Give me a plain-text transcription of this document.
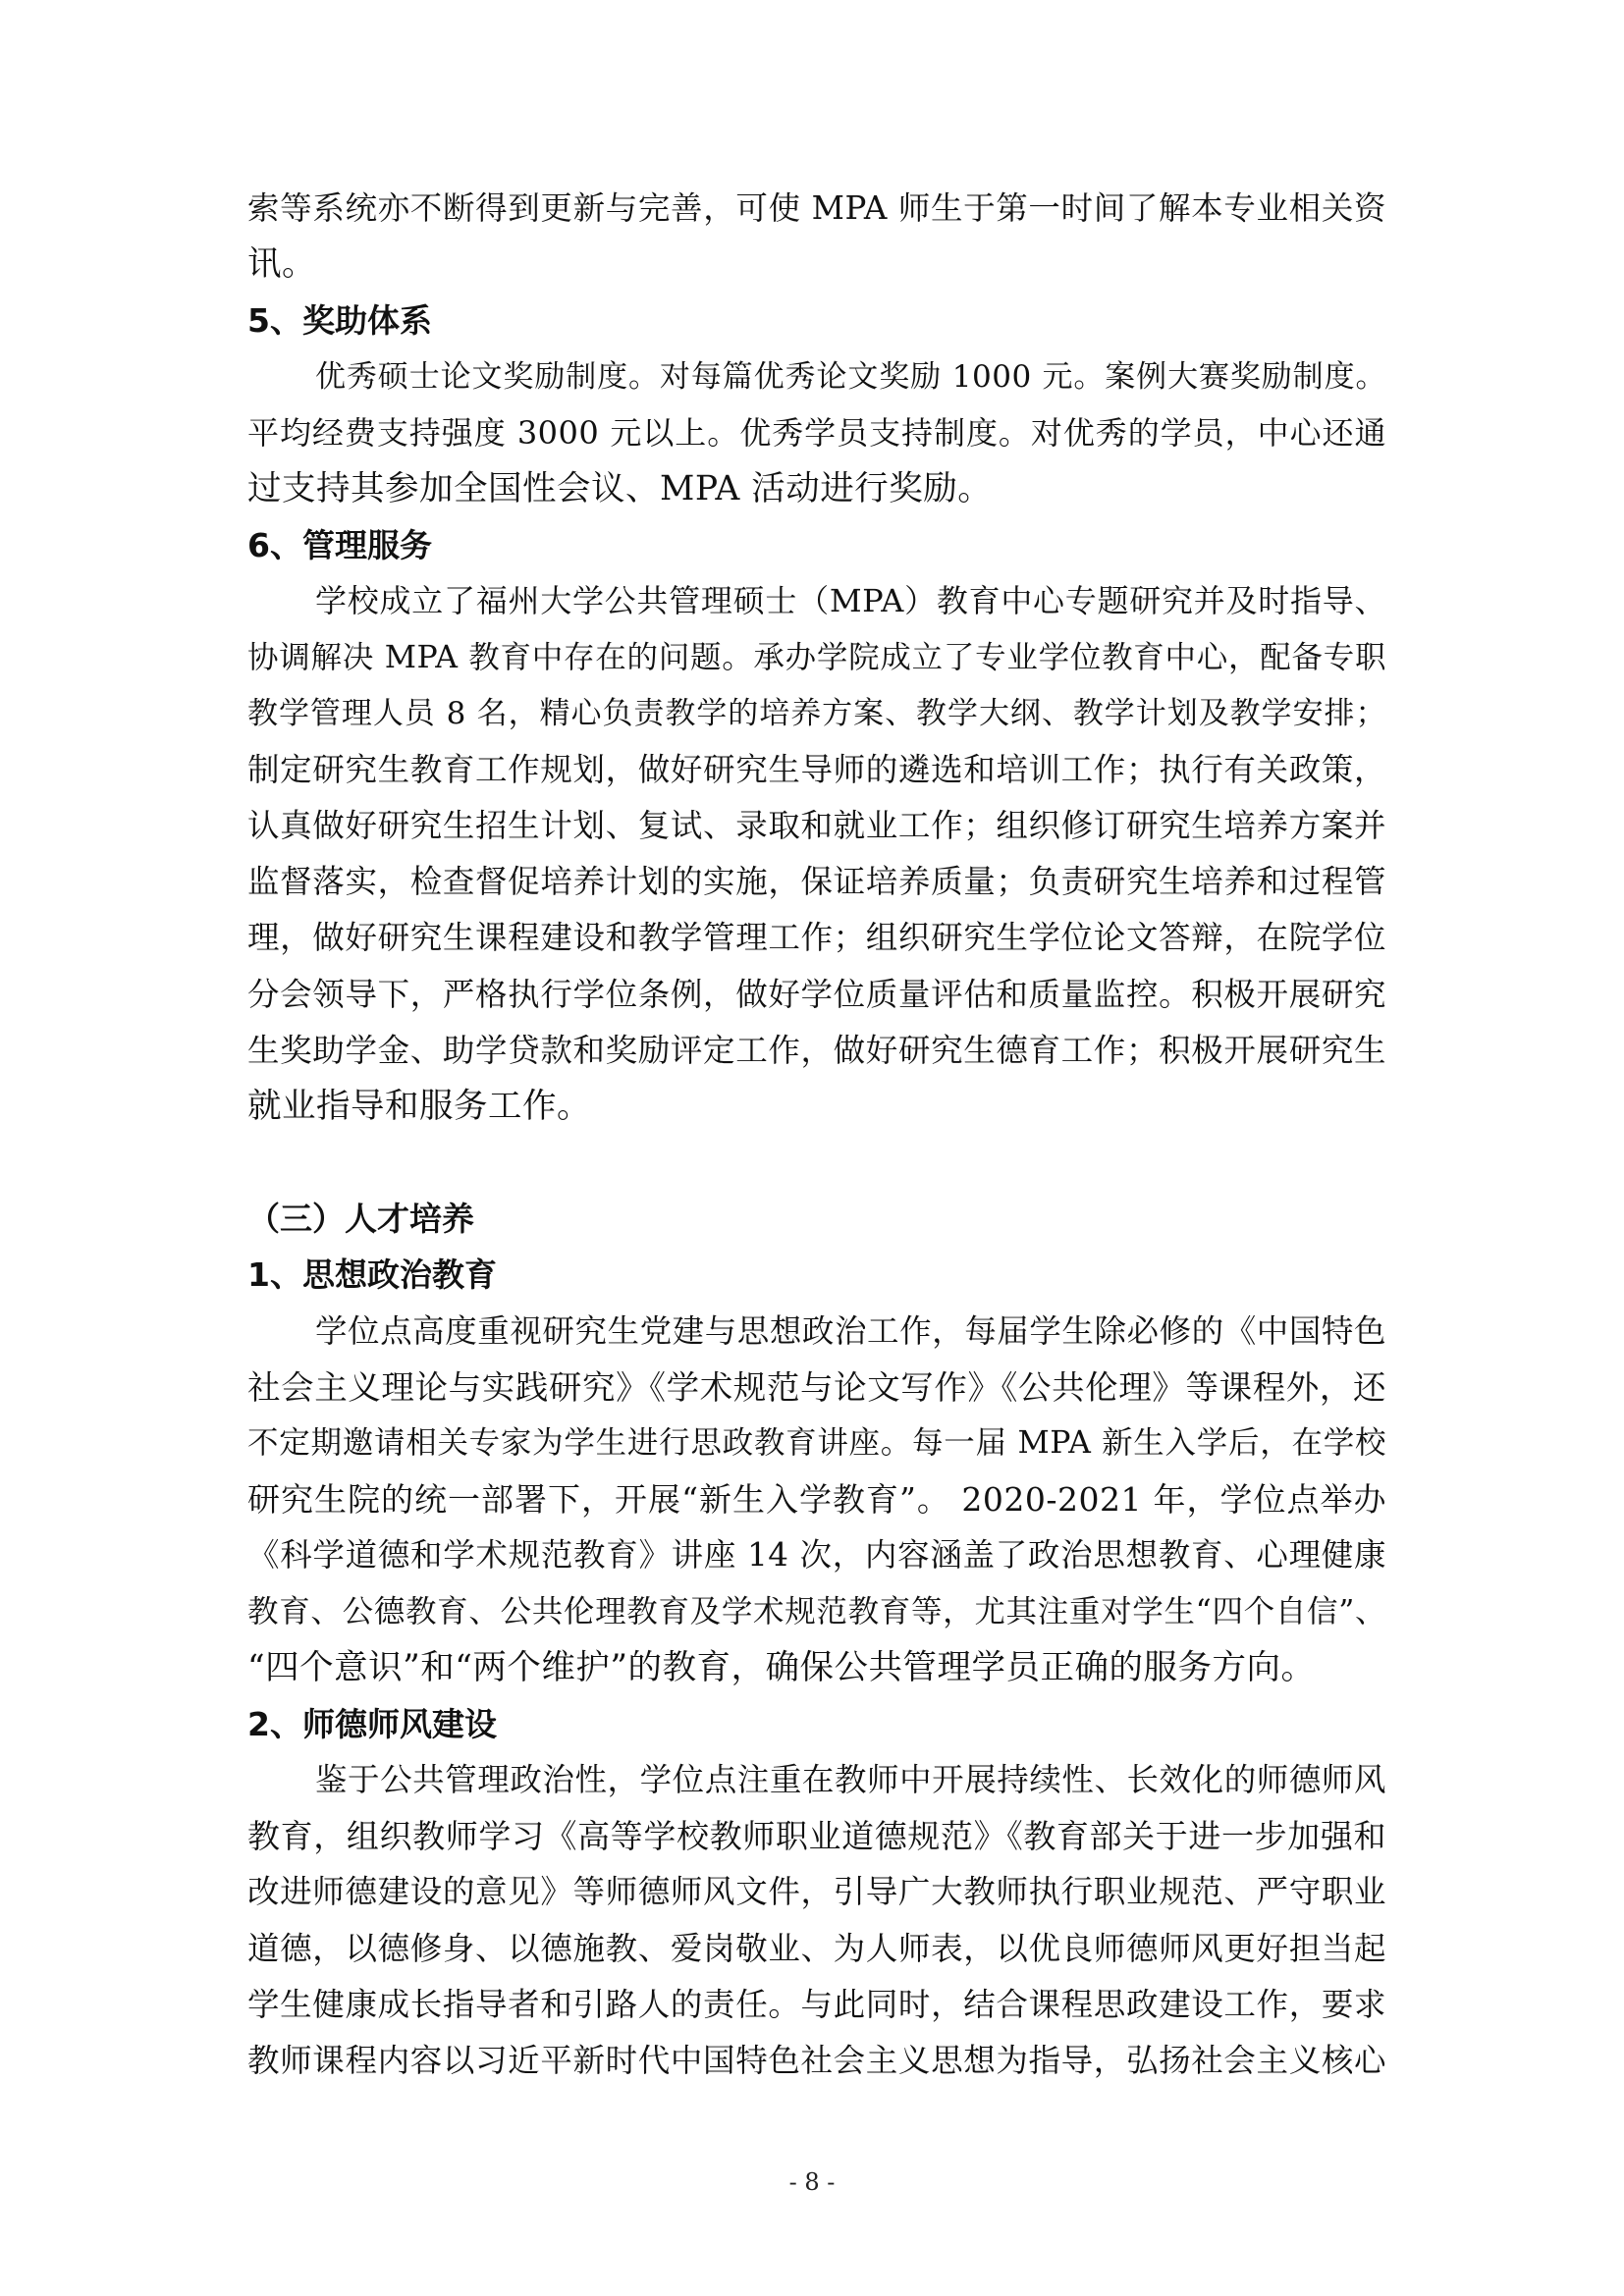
索等系统亦不断得到更新与完善，可使 MPA 师生于第一时间了解本专业相关资

讯。

5、奖助体系

优秀硕士论文奖励制度。对每篇优秀论文奖励 1000 元。案例大赛奖励制度。

平均经费支持强度 3000 元以上。优秀学员支持制度。对优秀的学员，中心还通

过支持其参加全国性会议、MPA 活动进行奖励。

6、管理服务

学校成立了福州大学公共管理硕士（MPA）教育中心专题研究并及时指导、

协调解决 MPA 教育中存在的问题。承办学院成立了专业学位教育中心，配备专职

教学管理人员 8 名，精心负责教学的培养方案、教学大纲、教学计划及教学安排；

制定研究生教育工作规划，做好研究生导师的遴选和培训工作；执行有关政策，

认真做好研究生招生计划、复试、录取和就业工作；组织修订研究生培养方案并

监督落实，检查督促培养计划的实施，保证培养质量；负责研究生培养和过程管

理，做好研究生课程建设和教学管理工作；组织研究生学位论文答辩，在院学位

分会领导下，严格执行学位条例，做好学位质量评估和质量监控。积极开展研究

生奖助学金、助学贷款和奖励评定工作，做好研究生德育工作；积极开展研究生

就业指导和服务工作。

（三）人才培养

1、思想政治教育

学位点高度重视研究生党建与思想政治工作，每届学生除必修的《中国特色

社会主义理论与实践研究》《学术规范与论文写作》《公共伦理》等课程外，还

不定期邀请相关专家为学生进行思政教育讲座。每一届 MPA 新生入学后，在学校

研究生院的统一部署下，开展“新生入学教育”。 2020-2021 年，学位点举办

《科学道德和学术规范教育》讲座 14 次，内容涵盖了政治思想教育、心理健康

教育、公德教育、公共伦理教育及学术规范教育等，尤其注重对学生“四个自信”、

“四个意识”和“两个维护”的教育，确保公共管理学员正确的服务方向。

2、师德师风建设

鉴于公共管理政治性，学位点注重在教师中开展持续性、长效化的师德师风

教育，组织教师学习《高等学校教师职业道德规范》《教育部关于进一步加强和

改进师德建设的意见》等师德师风文件，引导广大教师执行职业规范、严守职业

道德，以德修身、以德施教、爱岗敬业、为人师表，以优良师德师风更好担当起

学生健康成长指导者和引路人的责任。与此同时，结合课程思政建设工作，要求

教师课程内容以习近平新时代中国特色社会主义思想为指导，弘扬社会主义核心

- 8 -
